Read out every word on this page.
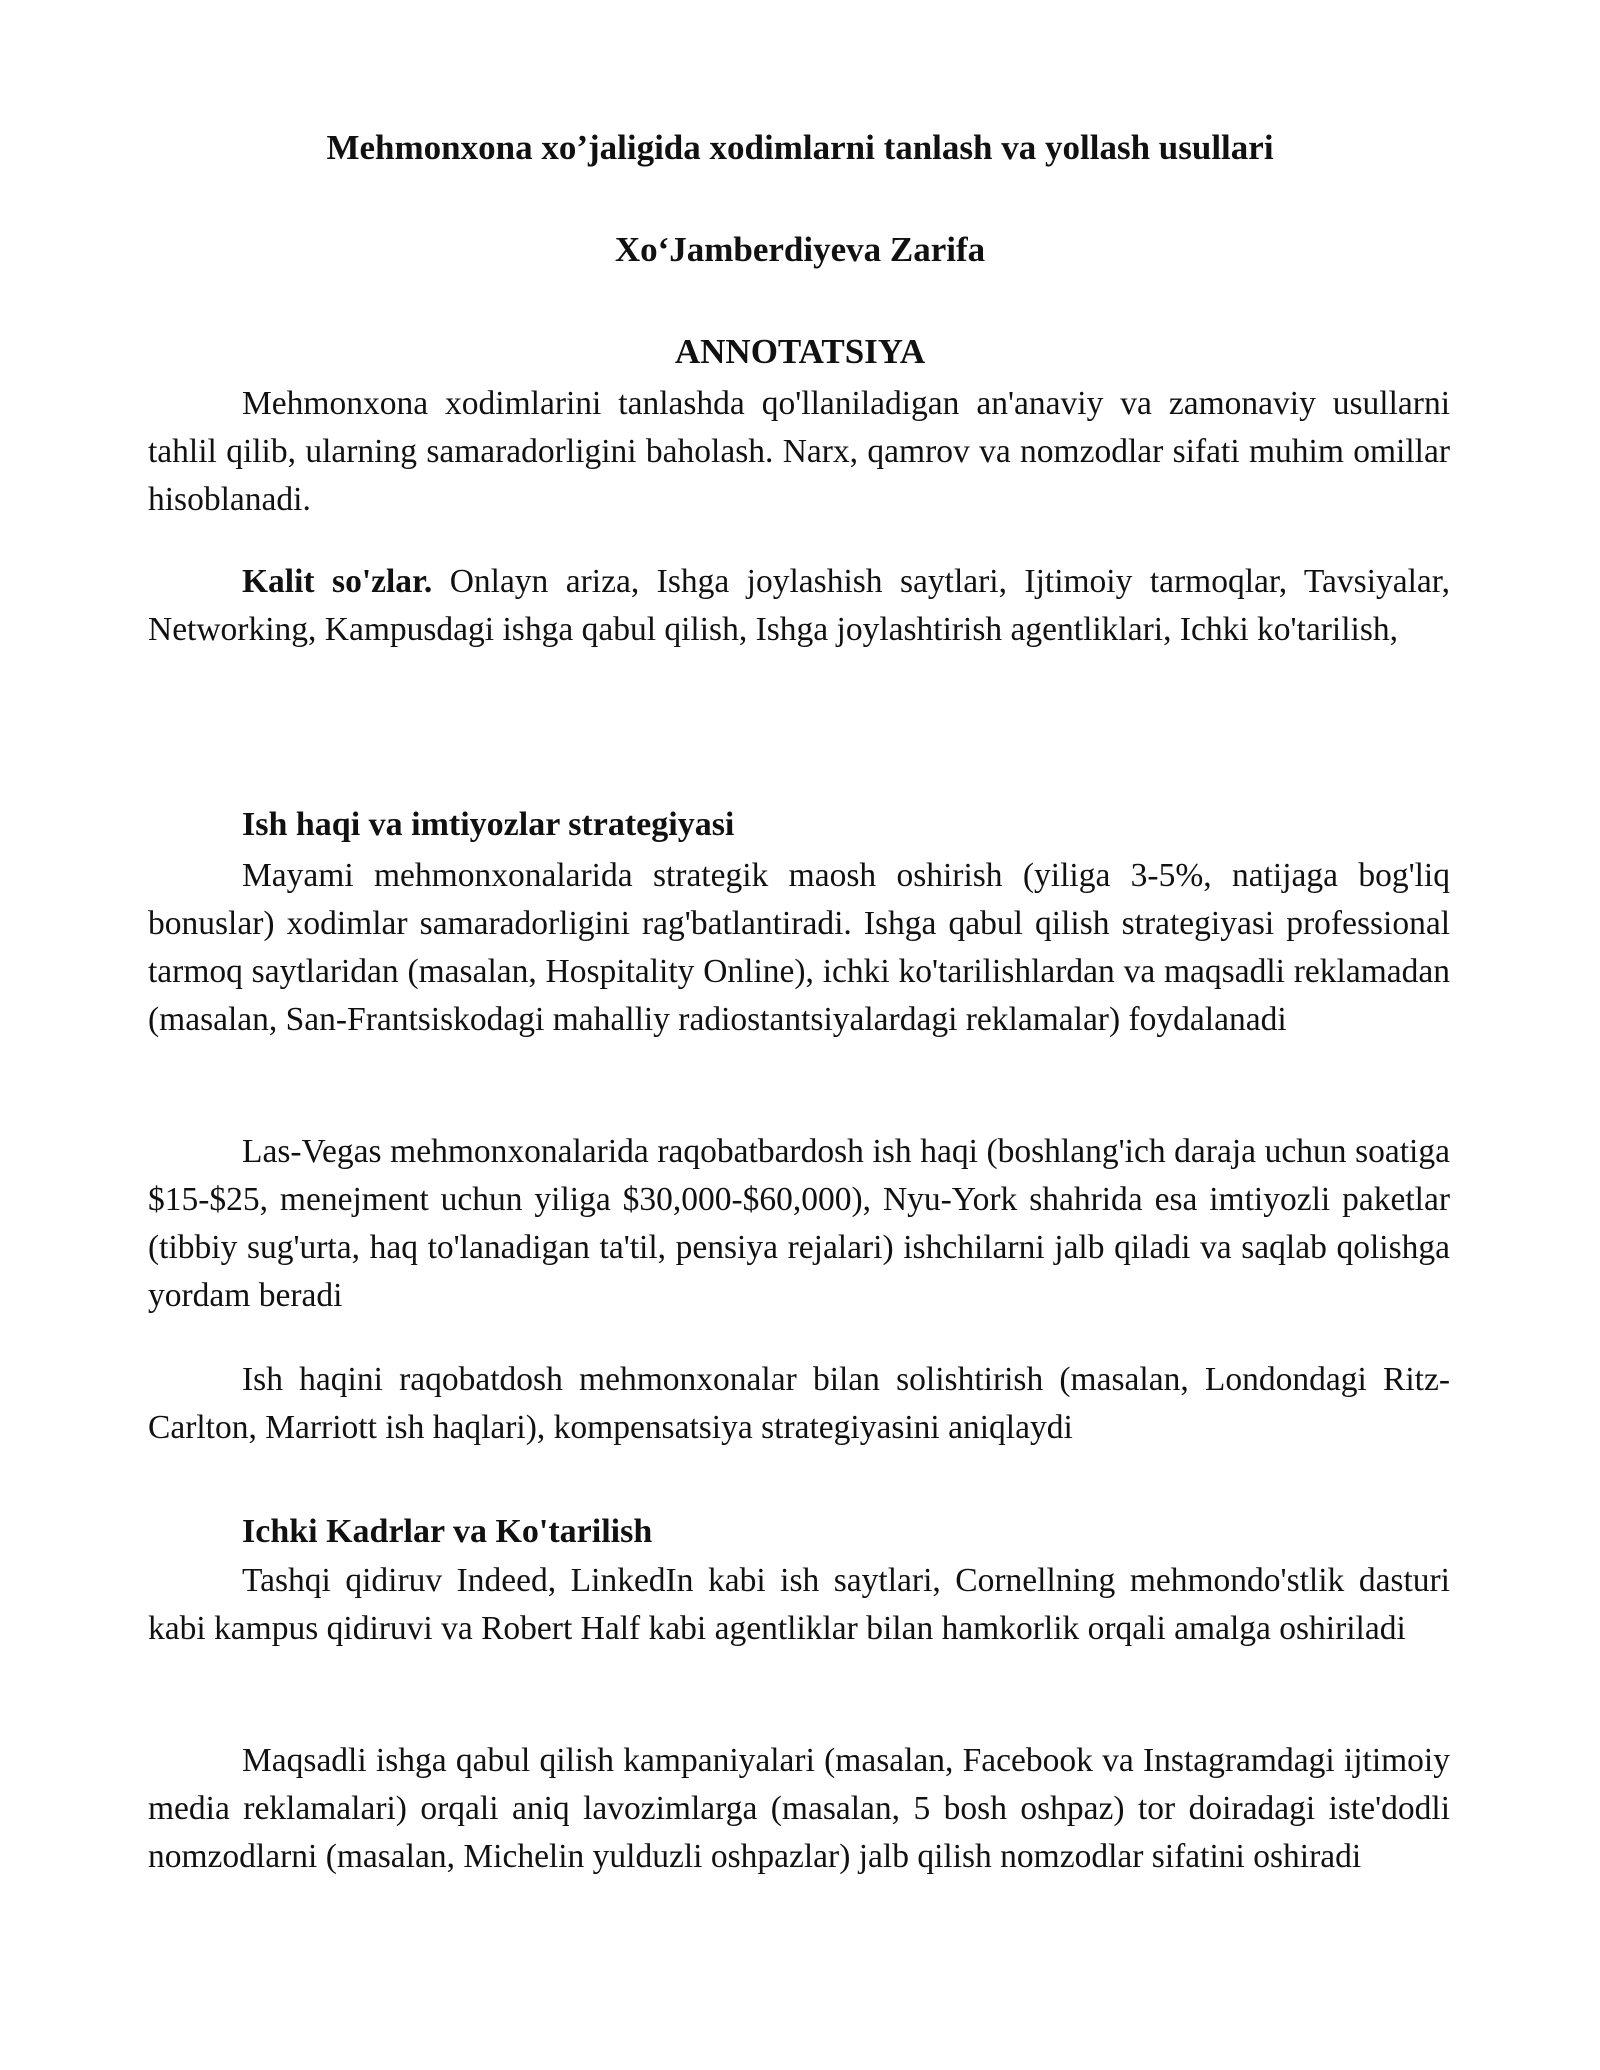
Mehmonxona xo’jaligida xodimlarni tanlash va yollash usullari
Xo‘Jamberdiyeva Zarifa
ANNOTATSIYA

Mehmonxona xodimlarini tanlashda qo'llaniladigan an'anaviy va zamonaviy usullarni tahlil qilib, ularning samaradorligini baholash. Narx, qamrov va nomzodlar sifati muhim omillar hisoblanadi.

Kalit so'zlar. Onlayn ariza, Ishga joylashish saytlari, Ijtimoiy tarmoqlar, Tavsiyalar, Networking, Kampusdagi ishga qabul qilish, Ishga joylashtirish agentliklari, Ichki ko'tarilish,

Ish haqi va imtiyozlar strategiyasi

Mayami mehmonxonalarida strategik maosh oshirish (yiliga 3-5%, natijaga bog'liq bonuslar) xodimlar samaradorligini rag'batlantiradi. Ishga qabul qilish strategiyasi professional tarmoq saytlaridan (masalan, Hospitality Online), ichki ko'tarilishlardan va maqsadli reklamadan (masalan, San-Frantsiskodagi mahalliy radiostantsiyalardagi reklamalar) foydalanadi

Las-Vegas mehmonxonalarida raqobatbardosh ish haqi (boshlang'ich daraja uchun soatiga $15-$25, menejment uchun yiliga $30,000-$60,000), Nyu-York shahrida esa imtiyozli paketlar (tibbiy sug'urta, haq to'lanadigan ta'til, pensiya rejalari) ishchilarni jalb qiladi va saqlab qolishga yordam beradi

Ish haqini raqobatdosh mehmonxonalar bilan solishtirish (masalan, Londondagi Ritz-Carlton, Marriott ish haqlari), kompensatsiya strategiyasini aniqlaydi

Ichki Kadrlar va Ko'tarilish

Tashqi qidiruv Indeed, LinkedIn kabi ish saytlari, Cornellning mehmondo'stlik dasturi kabi kampus qidiruvi va Robert Half kabi agentliklar bilan hamkorlik orqali amalga oshiriladi

Maqsadli ishga qabul qilish kampaniyalari (masalan, Facebook va Instagramdagi ijtimoiy media reklamalari) orqali aniq lavozimlarga (masalan, 5 bosh oshpaz) tor doiradagi iste'dodli nomzodlarni (masalan, Michelin yulduzli oshpazlar) jalb qilish nomzodlar sifatini oshiradi
